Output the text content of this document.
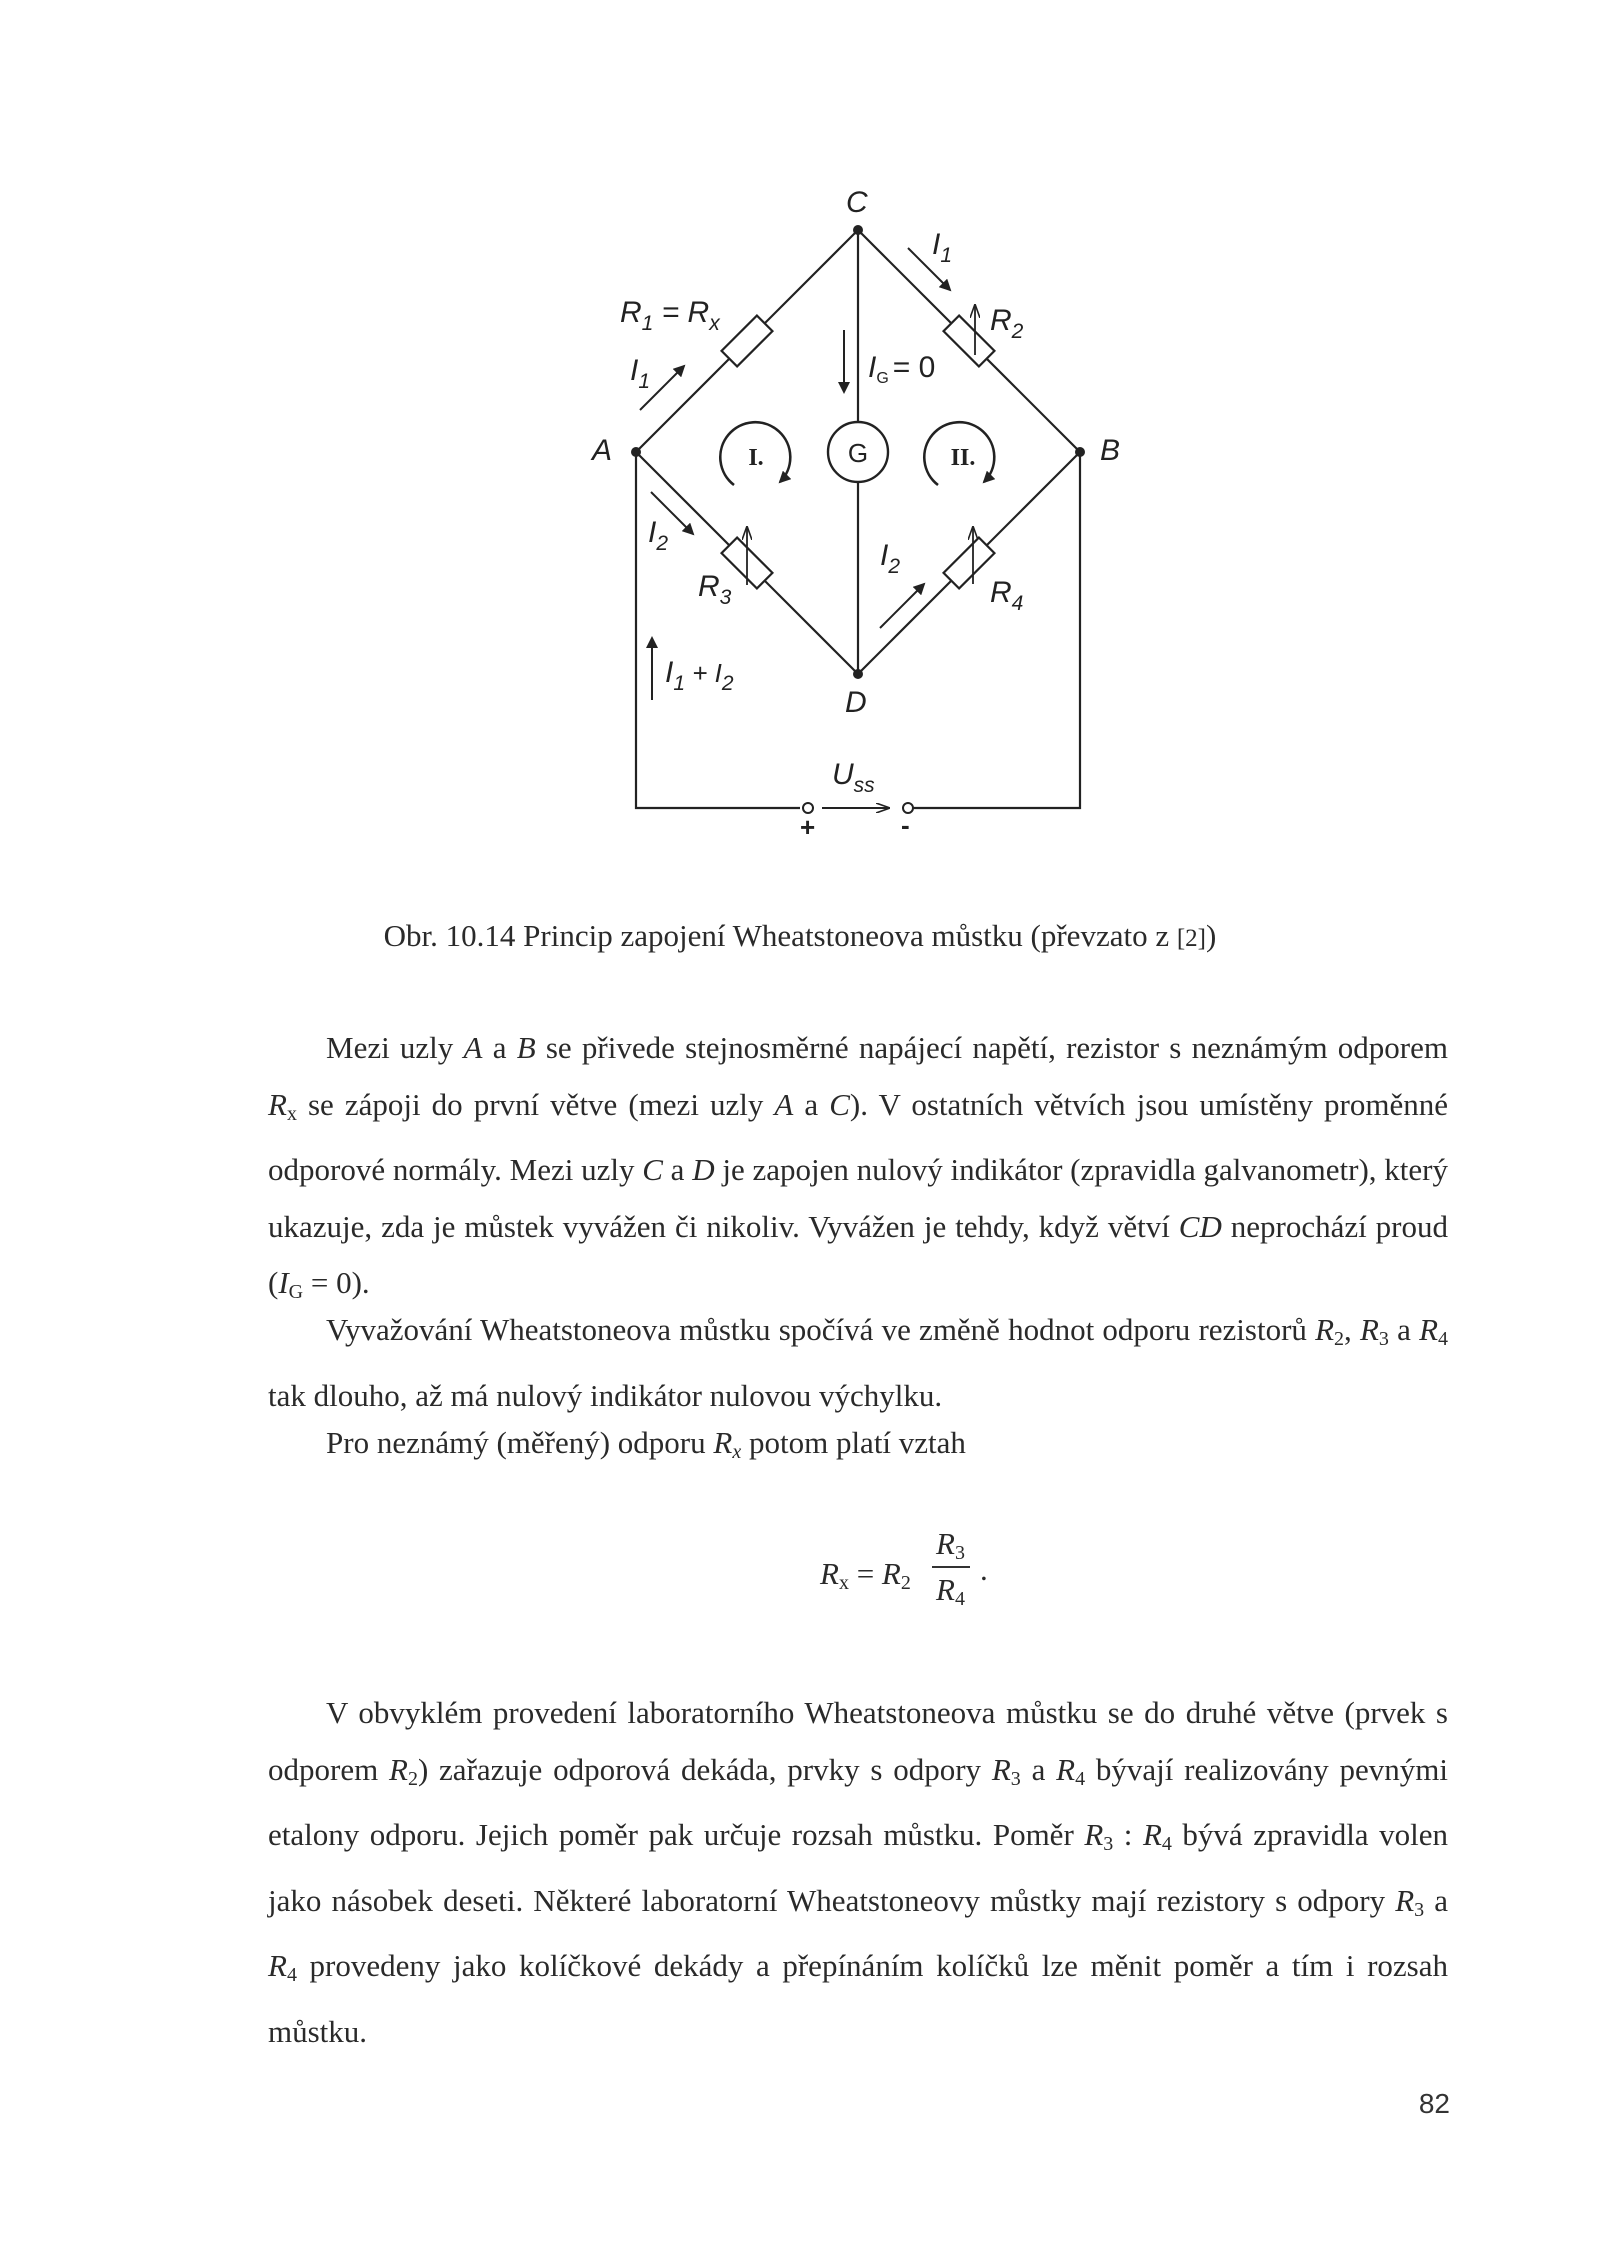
G
I.	II.
C
A	B
D
$R_1 = R_x$	$R_2$
$R_3$	$R_4$
$I_1$
$I_1$
$I_2$	$I_2$
$I_G = 0$
$I_1 + I_2$
$U_{ss}$
+	-
Obr. 10.14 Princip zapojení Wheatstoneova můstku (převzato z [2])
Mezi uzly A a B se přivede stejnosměrné napájecí napětí, rezistor s neznámým odporem $R_x$ se zápoji do první větve (mezi uzly A a C). V ostatních větvích jsou umístěny proměnné odporové normály. Mezi uzly C a D je zapojen nulový indikátor (zpravidla galvanometr), který ukazuje, zda je můstek vyvážen či nikoliv. Vyvážen je tehdy, když větví CD neprochází proud $(I_G = 0)$.
Vyvažování Wheatstoneova můstku spočívá ve změně hodnot odporu rezistorů $R_2$, $R_3$ a $R_4$ tak dlouho, až má nulový indikátor nulovou výchylku.
Pro neznámý (měřený) odporu $R_x$ potom platí vztah
$R_x = R_2$
$R_3$
$R_4$
.
V obvyklém provedení laboratorního Wheatstoneova můstku se do druhé větve (prvek s odporem $R_2$) zařazuje odporová dekáda, prvky s odpory $R_3$ a $R_4$ bývají realizovány pevnými etalony odporu. Jejich poměr pak určuje rozsah můstku. Poměr $R_3$ : $R_4$ bývá zpravidla volen jako násobek deseti. Některé laboratorní Wheatstoneovy můstky mají rezistory s odpory $R_3$ a $R_4$ provedeny jako kolíčkové dekády a přepínáním kolíčků lze měnit poměr a tím i rozsah můstku.
82
